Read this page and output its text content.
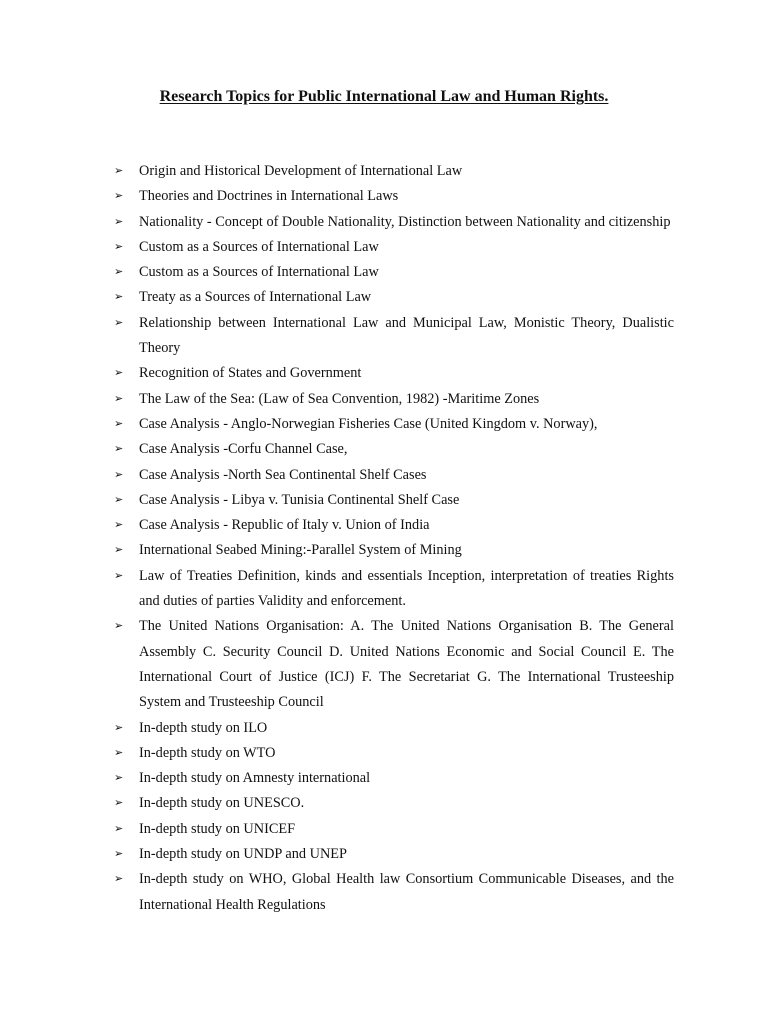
Research Topics for Public International Law and Human Rights.
➢	Origin and Historical Development of International Law
➢	Theories and Doctrines in International Laws
➢	Nationality - Concept of Double Nationality, Distinction between Nationality and citizenship
➢	Custom as a Sources of International Law
➢	Custom as a Sources of International Law
➢	Treaty as a Sources of International Law
➢	Relationship between International Law and Municipal Law, Monistic Theory, Dualistic Theory
➢	Recognition of States and Government
➢	The Law of the Sea: (Law of Sea Convention, 1982) -Maritime Zones
➢	Case Analysis - Anglo-Norwegian Fisheries Case (United Kingdom v. Norway),
➢	Case Analysis -Corfu Channel Case,
➢	Case Analysis -North Sea Continental Shelf Cases
➢	Case Analysis - Libya v. Tunisia Continental Shelf Case
➢	Case Analysis - Republic of Italy v. Union of India
➢	International Seabed Mining:-Parallel System of Mining
➢	Law of Treaties Definition, kinds and essentials Inception, interpretation of treaties Rights and duties of parties Validity and enforcement.
➢	The United Nations Organisation: A. The United Nations Organisation B. The General Assembly C. Security Council D. United Nations Economic and Social Council E. The International Court of Justice (ICJ) F. The Secretariat G. The International Trusteeship System and Trusteeship Council
➢	In-depth study on ILO
➢	In-depth study on WTO
➢	In-depth study on Amnesty international
➢	In-depth study on UNESCO.
➢	In-depth study on UNICEF
➢	In-depth study on UNDP and UNEP
➢	In-depth study on WHO, Global Health law Consortium Communicable Diseases, and the International Health Regulations
